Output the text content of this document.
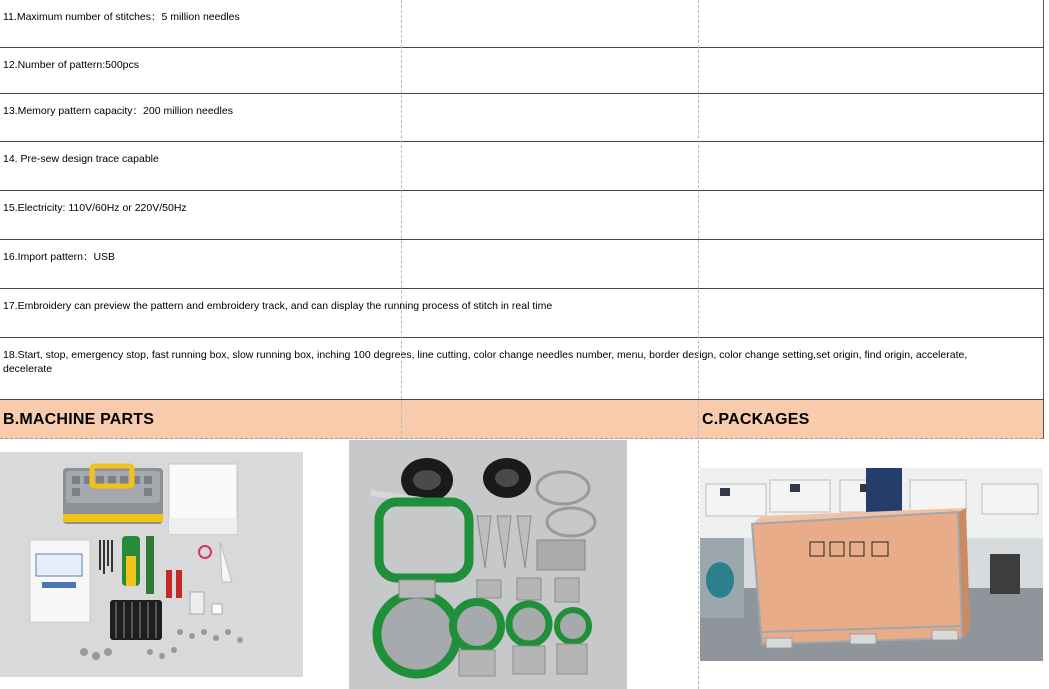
11.Maximum number of stitches：5 million needles
12.Number of pattern:500pcs
13.Memory pattern capacity：200 million needles
14. Pre-sew design trace capable
15.Electricity: 110V/60Hz or 220V/50Hz
16.Import pattern：USB
17.Embroidery can preview the pattern and embroidery track, and can display the running process of stitch in real time
18.Start, stop, emergency stop, fast running box, slow running box, inching 100 degrees, line cutting, color change needles number, menu, border design, color change setting,set origin, find origin, accelerate, decelerate
B.MACHINE PARTS	C.PACKAGES
